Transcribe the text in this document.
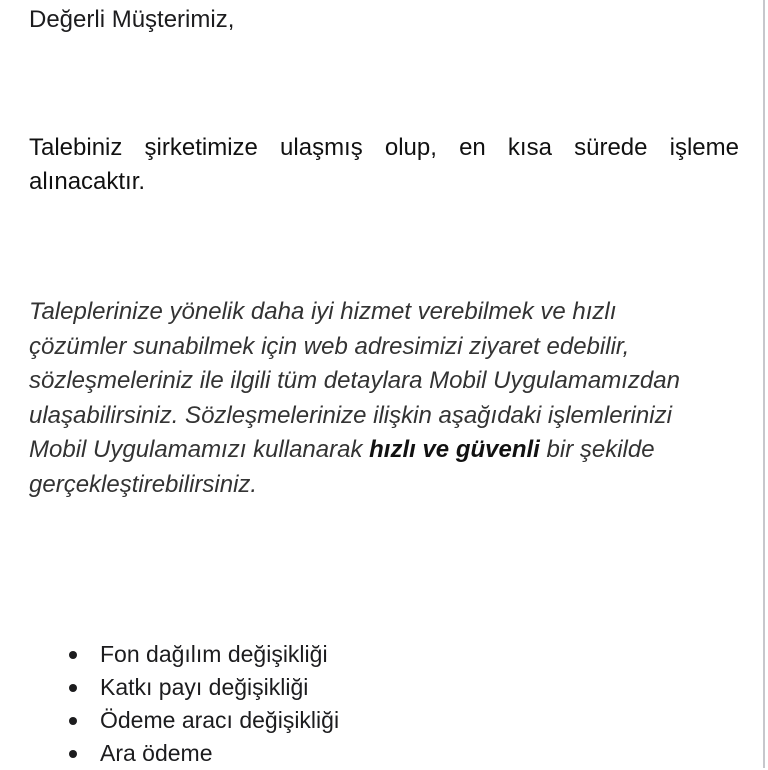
Değerli Müşterimiz,

Talebiniz şirketimize ulaşmış olup, en kısa sürede işleme alınacaktır.

Taleplerinize yönelik daha iyi hizmet verebilmek ve hızlı çözümler sunabilmek için web adresimizi ziyaret edebilir, sözleşmeleriniz ile ilgili tüm detaylara Mobil Uygulamamızdan ulaşabilirsiniz. Sözleşmelerinize ilişkin aşağıdaki işlemlerinizi Mobil Uygulamamızı kullanarak hızlı ve güvenli bir şekilde gerçekleştirebilirsiniz.

Fon dağılım değişikliği
Katkı payı değişikliği
Ödeme aracı değişikliği
Ara ödeme
